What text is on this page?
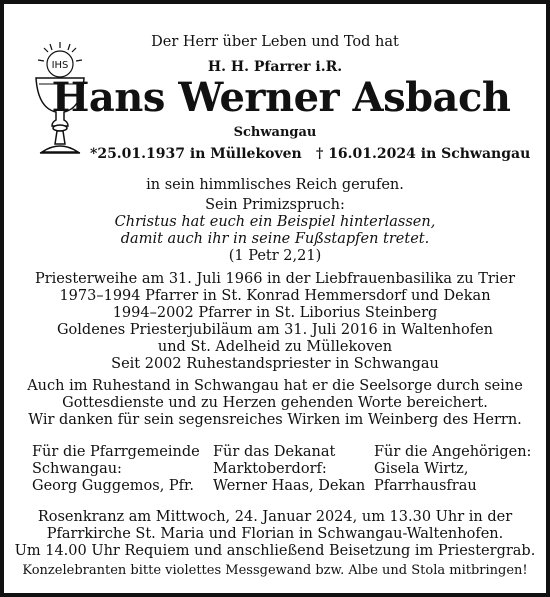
IHS
Der Herr über Leben und Tod hat
H. H. Pfarrer i.R.
Hans Werner Asbach
Schwangau
*25.01.1937 in Müllekoven † 16.01.2024 in Schwangau
in sein himmlisches Reich gerufen.
Sein Primizspruch:
Christus hat euch ein Beispiel hinterlassen,
damit auch ihr in seine Fußstapfen tretet.
(1 Petr 2,21)
Priesterweihe am 31. Juli 1966 in der Liebfrauenbasilika zu Trier
1973–1994 Pfarrer in St. Konrad Hemmersdorf und Dekan
1994–2002 Pfarrer in St. Liborius Steinberg
Goldenes Priesterjubiläum am 31. Juli 2016 in Waltenhofen
und St. Adelheid zu Müllekoven
Seit 2002 Ruhestandspriester in Schwangau
Auch im Ruhestand in Schwangau hat er die Seelsorge durch seine
Gottesdienste und zu Herzen gehenden Worte bereichert.
Wir danken für sein segensreiches Wirken im Weinberg des Herrn.
Für die Pfarrgemeinde
Schwangau:
Georg Guggemos, Pfr.
Für das Dekanat
Marktoberdorf:
Werner Haas, Dekan
Für die Angehörigen:
Gisela Wirtz,
Pfarrhausfrau
Rosenkranz am Mittwoch, 24. Januar 2024, um 13.30 Uhr in der
Pfarrkirche St. Maria und Florian in Schwangau-Waltenhofen.
Um 14.00 Uhr Requiem und anschließend Beisetzung im Priestergrab.
Konzelebranten bitte violettes Messgewand bzw. Albe und Stola mitbringen!
